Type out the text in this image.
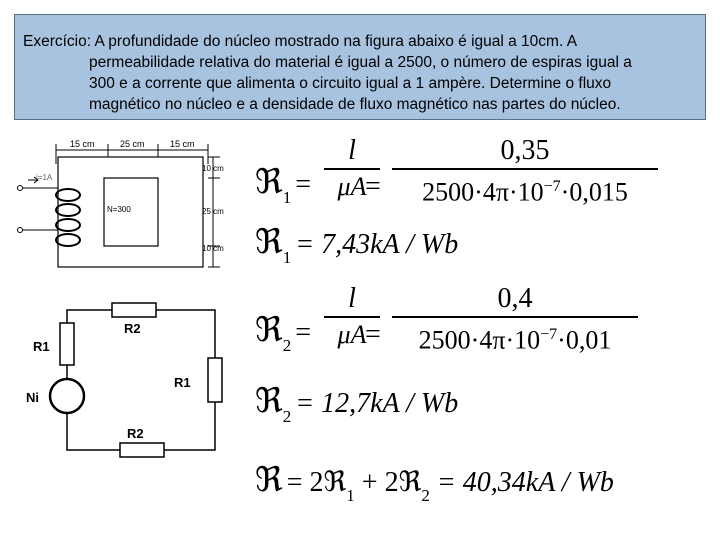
Exercício: A profundidade do núcleo mostrado na figura abaixo é igual a 10cm. A
permeabilidade relativa do material é igual a 2500, o número de espiras igual a
300 e a corrente que alimenta o circuito igual a 1 ampère. Determine o fluxo
magnético no núcleo e a densidade de fluxo magnético nas partes do núcleo.
15 cm	25 cm	15 cm
N=300
i=1A
10 cm
25 cm
10 cm
R2
R1
R1
Ni
R2
ℜ1 =
l
μA
=
0,35
$2500\cdot 4\pi\cdot 10^{-7}\cdot 0,015$
ℜ1 = 7,43kA / Wb
ℜ2 =
l
μA
=
0,4
$2500\cdot 4\pi\cdot 10^{-7}\cdot 0,01$
ℜ2 = 12,7kA / Wb
ℜ = 2ℜ1 + 2ℜ2 = 40,34kA / Wb
